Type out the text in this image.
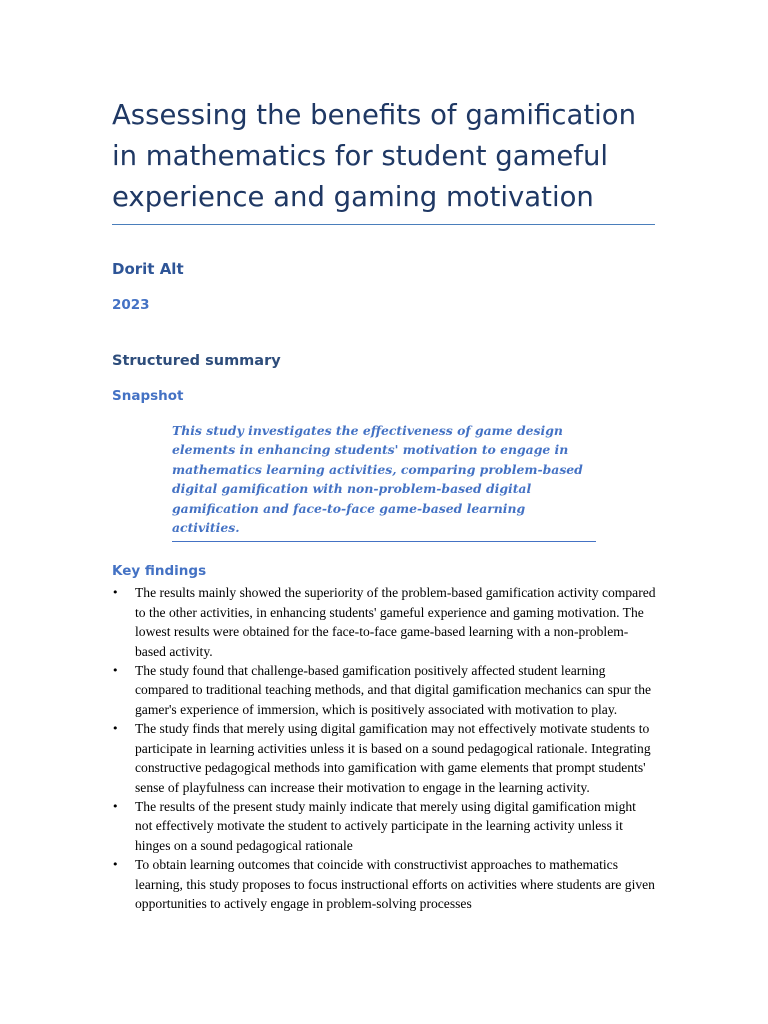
Assessing the benefits of gamification in mathematics for student gameful experience and gaming motivation

Dorit Alt

2023

Structured summary
Snapshot
This study investigates the effectiveness of game design elements in enhancing students' motivation to engage in mathematics learning activities, comparing problem-based digital gamification with non-problem-based digital gamification and face-to-face game-based learning activities.
Key findings
• The results mainly showed the superiority of the problem-based gamification activity compared to the other activities, in enhancing students' gameful experience and gaming motivation. The lowest results were obtained for the face-to-face game-based learning with a non-problem-based activity.
• The study found that challenge-based gamification positively affected student learning compared to traditional teaching methods, and that digital gamification mechanics can spur the gamer's experience of immersion, which is positively associated with motivation to play.
• The study finds that merely using digital gamification may not effectively motivate students to participate in learning activities unless it is based on a sound pedagogical rationale. Integrating constructive pedagogical methods into gamification with game elements that prompt students' sense of playfulness can increase their motivation to engage in the learning activity.
• The results of the present study mainly indicate that merely using digital gamification might not effectively motivate the student to actively participate in the learning activity unless it hinges on a sound pedagogical rationale
• To obtain learning outcomes that coincide with constructivist approaches to mathematics learning, this study proposes to focus instructional efforts on activities where students are given opportunities to actively engage in problem-solving processes
